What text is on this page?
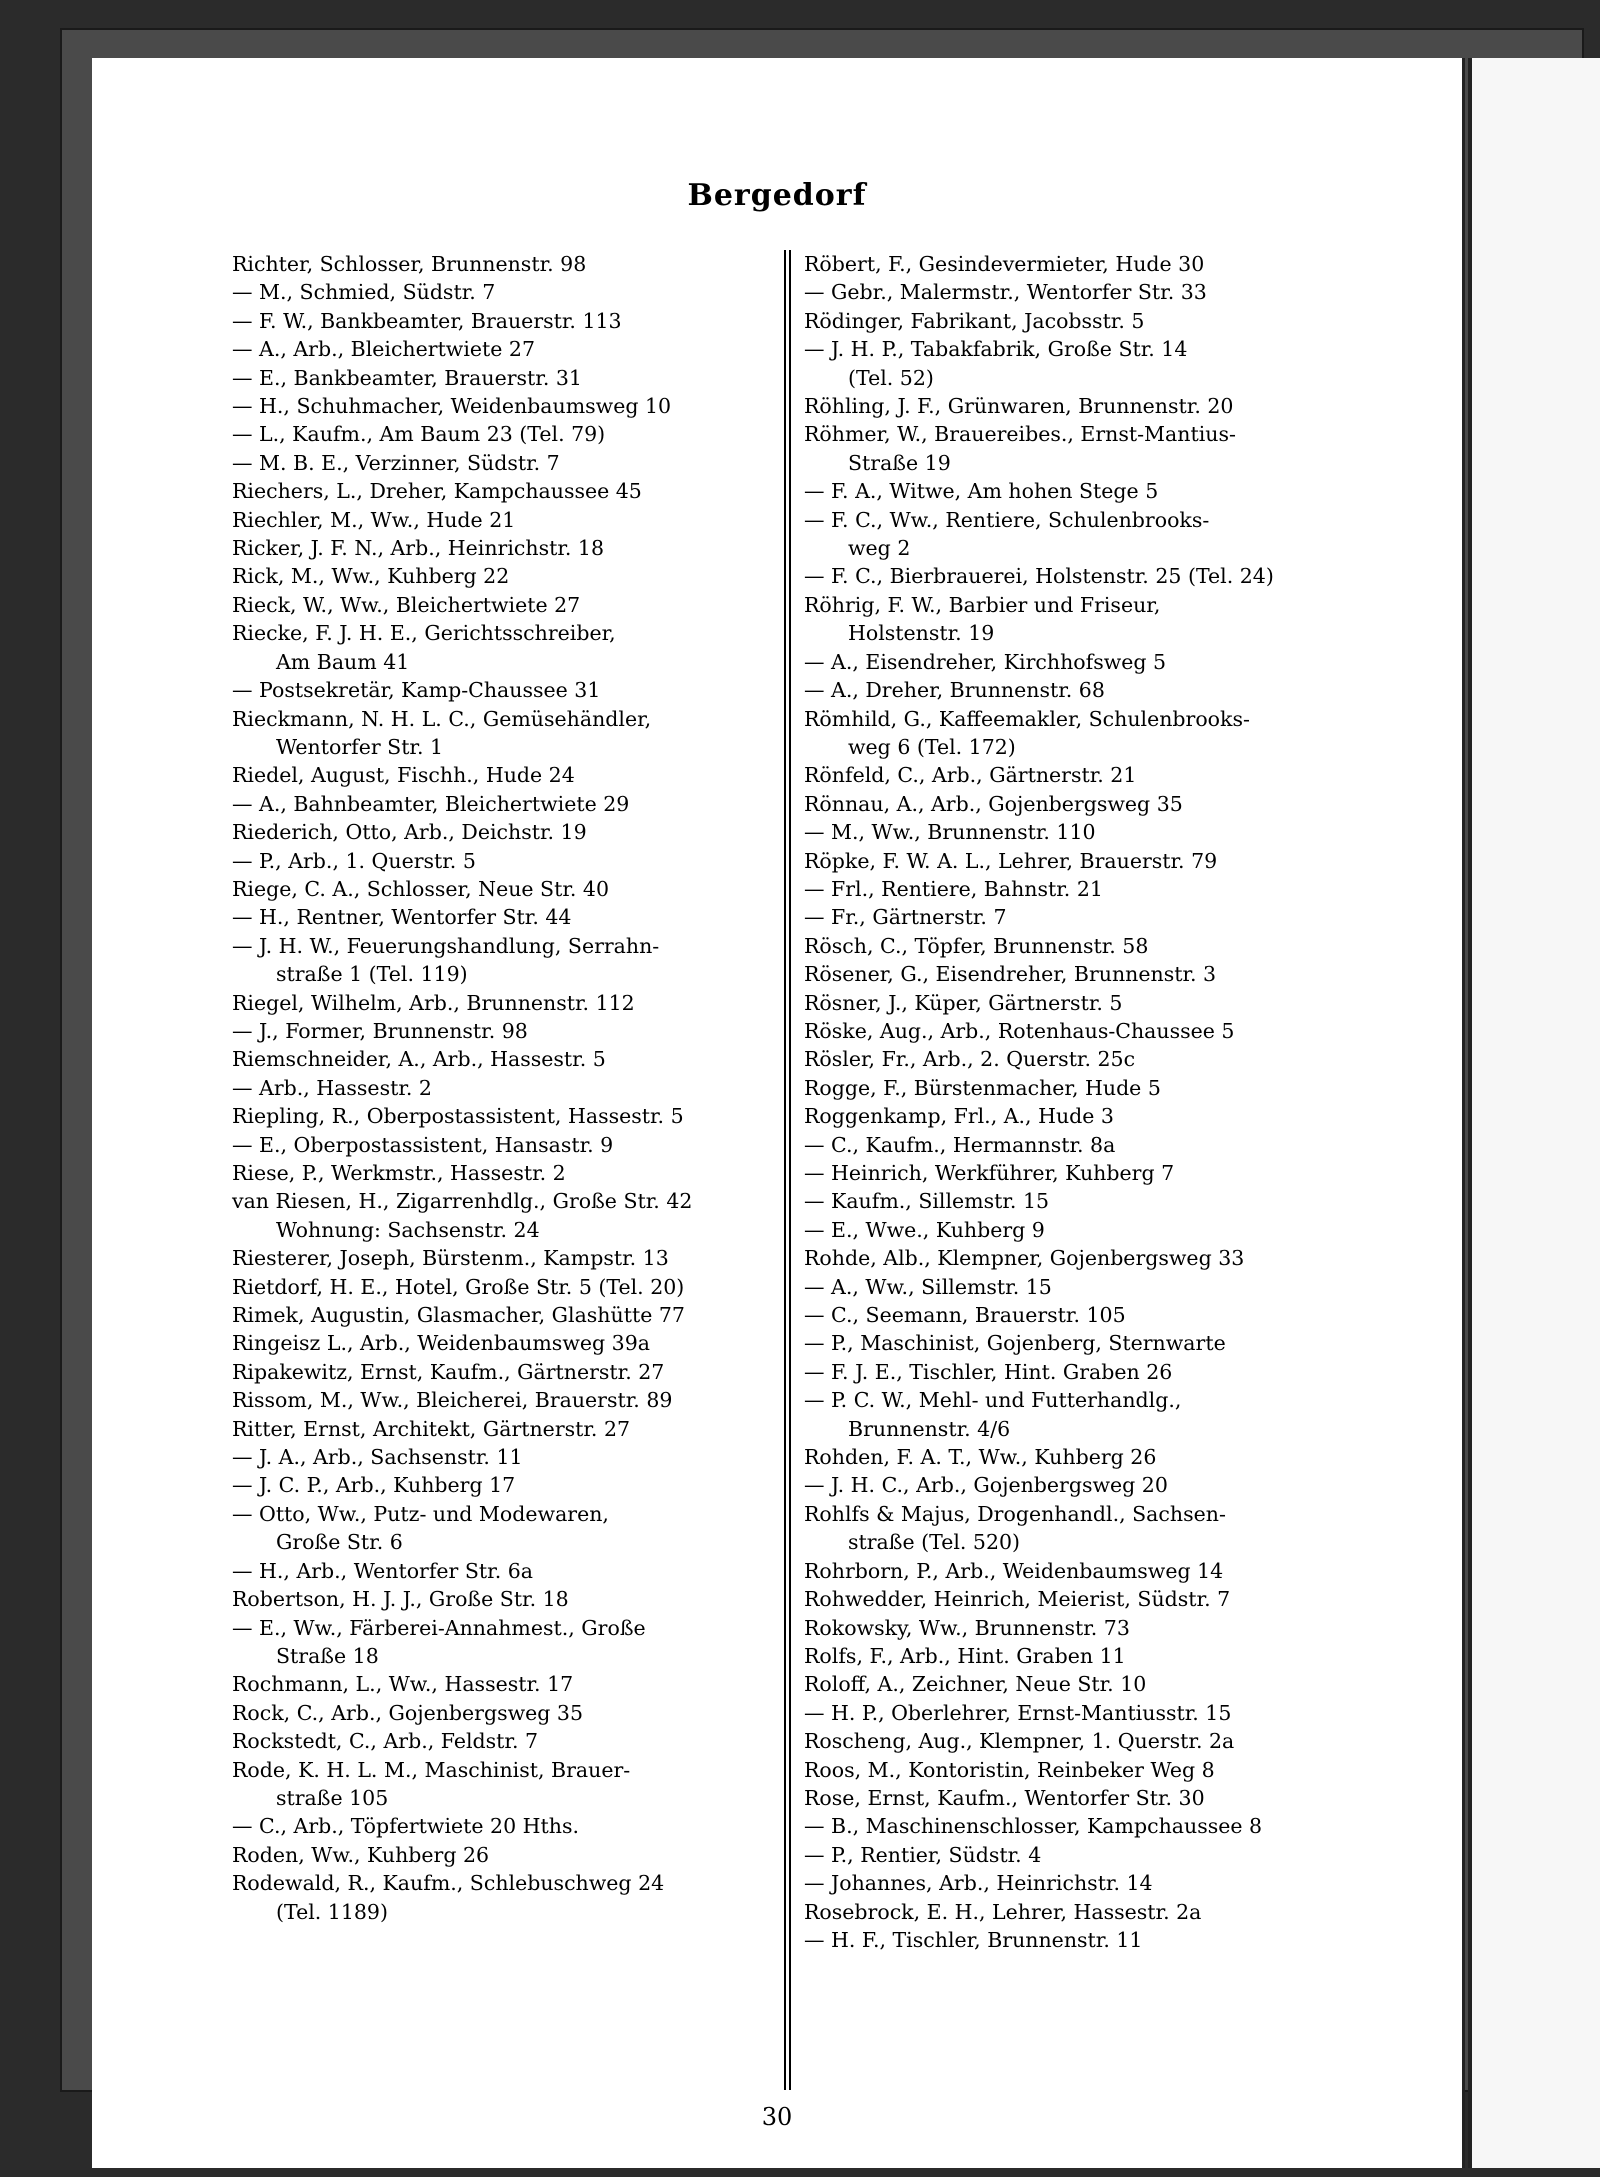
Bergedorf
Richter, Schlosser, Brunnenstr. 98
— M., Schmied, Südstr. 7
— F. W., Bankbeamter, Brauerstr. 113
— A., Arb., Bleichertwiete 27
— E., Bankbeamter, Brauerstr. 31
— H., Schuhmacher, Weidenbaumsweg 10
— L., Kaufm., Am Baum 23 (Tel. 79)
— M. B. E., Verzinner, Südstr. 7
Riechers, L., Dreher, Kampchaussee 45
Riechler, M., Ww., Hude 21
Ricker, J. F. N., Arb., Heinrichstr. 18
Rick, M., Ww., Kuhberg 22
Rieck, W., Ww., Bleichertwiete 27
Riecke, F. J. H. E., Gerichtsschreiber,
Am Baum 41
— Postsekretär, Kamp-Chaussee 31
Rieckmann, N. H. L. C., Gemüsehändler,
Wentorfer Str. 1
Riedel, August, Fischh., Hude 24
— A., Bahnbeamter, Bleichertwiete 29
Riederich, Otto, Arb., Deichstr. 19
— P., Arb., 1. Querstr. 5
Riege, C. A., Schlosser, Neue Str. 40
— H., Rentner, Wentorfer Str. 44
— J. H. W., Feuerungshandlung, Serrahn-
straße 1 (Tel. 119)
Riegel, Wilhelm, Arb., Brunnenstr. 112
— J., Former, Brunnenstr. 98
Riemschneider, A., Arb., Hassestr. 5
— Arb., Hassestr. 2
Riepling, R., Oberpostassistent, Hassestr. 5
— E., Oberpostassistent, Hansastr. 9
Riese, P., Werkmstr., Hassestr. 2
van Riesen, H., Zigarrenhdlg., Große Str. 42
Wohnung: Sachsenstr. 24
Riesterer, Joseph, Bürstenm., Kampstr. 13
Rietdorf, H. E., Hotel, Große Str. 5 (Tel. 20)
Rimek, Augustin, Glasmacher, Glashütte 77
Ringeisz L., Arb., Weidenbaumsweg 39a
Ripakewitz, Ernst, Kaufm., Gärtnerstr. 27
Rissom, M., Ww., Bleicherei, Brauerstr. 89
Ritter, Ernst, Architekt, Gärtnerstr. 27
— J. A., Arb., Sachsenstr. 11
— J. C. P., Arb., Kuhberg 17
— Otto, Ww., Putz- und Modewaren,
Große Str. 6
— H., Arb., Wentorfer Str. 6a
Robertson, H. J. J., Große Str. 18
— E., Ww., Färberei-Annahmest., Große
Straße 18
Rochmann, L., Ww., Hassestr. 17
Rock, C., Arb., Gojenbergsweg 35
Rockstedt, C., Arb., Feldstr. 7
Rode, K. H. L. M., Maschinist, Brauer-
straße 105
— C., Arb., Töpfertwiete 20 Hths.
Roden, Ww., Kuhberg 26
Rodewald, R., Kaufm., Schlebuschweg 24
(Tel. 1189)
Röbert, F., Gesindevermieter, Hude 30
— Gebr., Malermstr., Wentorfer Str. 33
Rödinger, Fabrikant, Jacobsstr. 5
— J. H. P., Tabakfabrik, Große Str. 14
(Tel. 52)
Röhling, J. F., Grünwaren, Brunnenstr. 20
Röhmer, W., Brauereibes., Ernst-Mantius-
Straße 19
— F. A., Witwe, Am hohen Stege 5
— F. C., Ww., Rentiere, Schulenbrooks-
weg 2
— F. C., Bierbrauerei, Holstenstr. 25 (Tel. 24)
Röhrig, F. W., Barbier und Friseur,
Holstenstr. 19
— A., Eisendreher, Kirchhofsweg 5
— A., Dreher, Brunnenstr. 68
Römhild, G., Kaffeemakler, Schulenbrooks-
weg 6 (Tel. 172)
Rönfeld, C., Arb., Gärtnerstr. 21
Rönnau, A., Arb., Gojenbergsweg 35
— M., Ww., Brunnenstr. 110
Röpke, F. W. A. L., Lehrer, Brauerstr. 79
— Frl., Rentiere, Bahnstr. 21
— Fr., Gärtnerstr. 7
Rösch, C., Töpfer, Brunnenstr. 58
Rösener, G., Eisendreher, Brunnenstr. 3
Rösner, J., Küper, Gärtnerstr. 5
Röske, Aug., Arb., Rotenhaus-Chaussee 5
Rösler, Fr., Arb., 2. Querstr. 25c
Rogge, F., Bürstenmacher, Hude 5
Roggenkamp, Frl., A., Hude 3
— C., Kaufm., Hermannstr. 8a
— Heinrich, Werkführer, Kuhberg 7
— Kaufm., Sillemstr. 15
— E., Wwe., Kuhberg 9
Rohde, Alb., Klempner, Gojenbergsweg 33
— A., Ww., Sillemstr. 15
— C., Seemann, Brauerstr. 105
— P., Maschinist, Gojenberg, Sternwarte
— F. J. E., Tischler, Hint. Graben 26
— P. C. W., Mehl- und Futterhandlg.,
Brunnenstr. 4/6
Rohden, F. A. T., Ww., Kuhberg 26
— J. H. C., Arb., Gojenbergsweg 20
Rohlfs & Majus, Drogenhandl., Sachsen-
straße (Tel. 520)
Rohrborn, P., Arb., Weidenbaumsweg 14
Rohwedder, Heinrich, Meierist, Südstr. 7
Rokowsky, Ww., Brunnenstr. 73
Rolfs, F., Arb., Hint. Graben 11
Roloff, A., Zeichner, Neue Str. 10
— H. P., Oberlehrer, Ernst-Mantiusstr. 15
Roscheng, Aug., Klempner, 1. Querstr. 2a
Roos, M., Kontoristin, Reinbeker Weg 8
Rose, Ernst, Kaufm., Wentorfer Str. 30
— B., Maschinenschlosser, Kampchaussee 8
— P., Rentier, Südstr. 4
— Johannes, Arb., Heinrichstr. 14
Rosebrock, E. H., Lehrer, Hassestr. 2a
— H. F., Tischler, Brunnenstr. 11
30
